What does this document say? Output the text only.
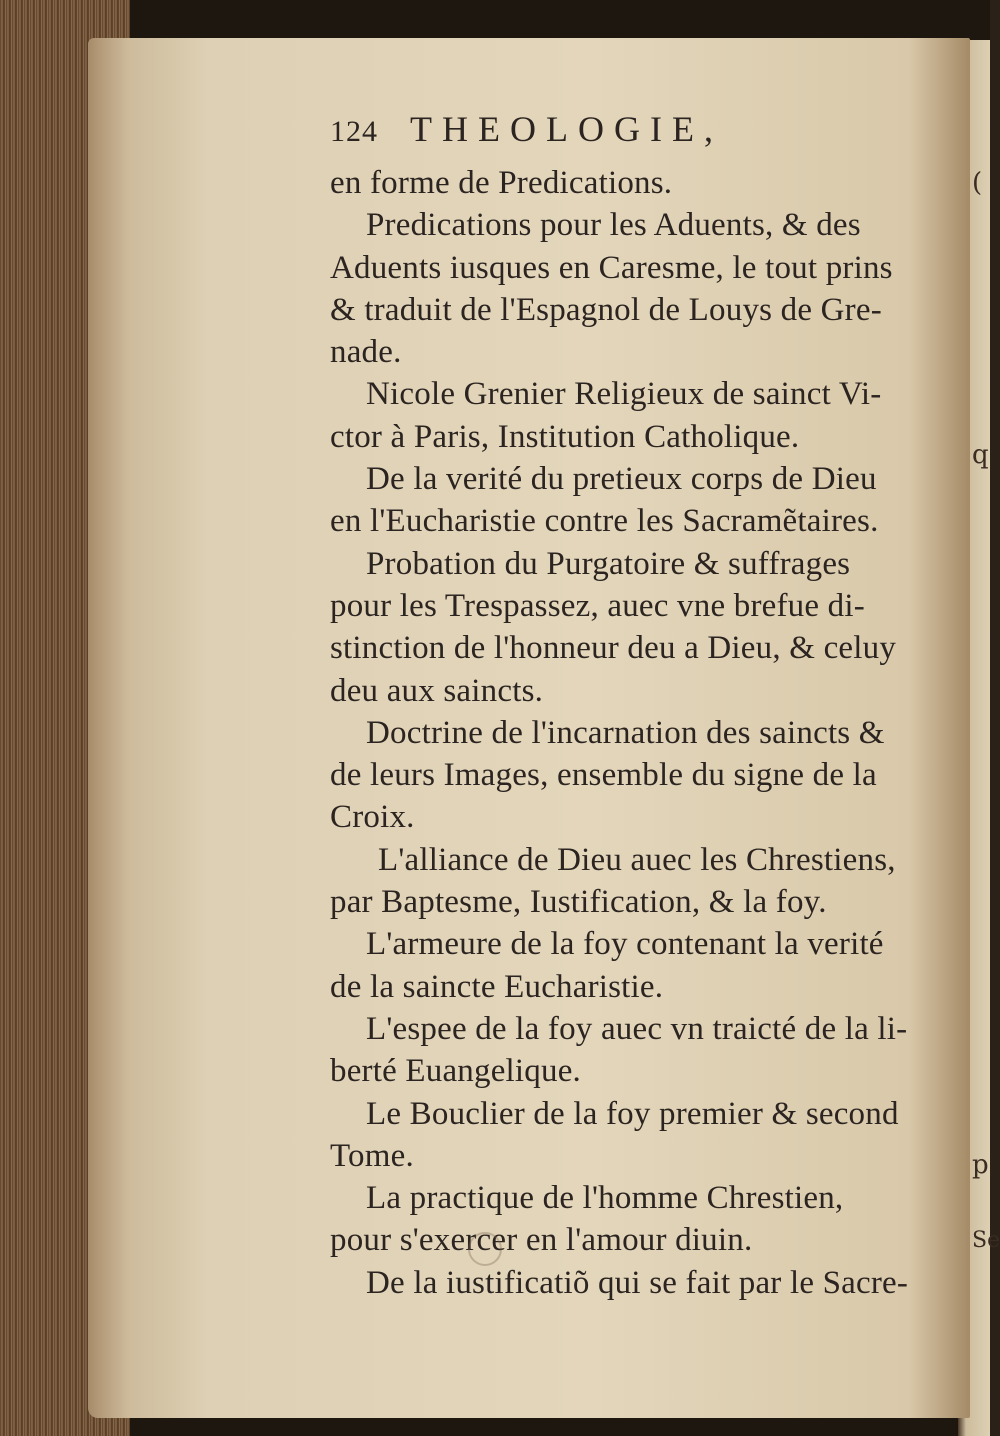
(
q
p
Se
124 THEOLOGIE,
en forme de Predications.
Predications pour les Aduents, & des
Aduents iusques en Caresme, le tout prins
& traduit de l'Espagnol de Louys de Gre-
nade.
Nicole Grenier Religieux de sainct Vi-
ctor à Paris, Institution Catholique.
De la verité du pretieux corps de Dieu
en l'Eucharistie contre les Sacramẽtaires.
Probation du Purgatoire & suffrages
pour les Trespassez, auec vne brefue di-
stinction de l'honneur deu a Dieu, & celuy
deu aux saincts.
Doctrine de l'incarnation des saincts &
de leurs Images, ensemble du signe de la
Croix.
L'alliance de Dieu auec les Chrestiens,
par Baptesme, Iustification, & la foy.
L'armeure de la foy contenant la verité
de la saincte Eucharistie.
L'espee de la foy auec vn traicté de la li-
berté Euangelique.
Le Bouclier de la foy premier & second
Tome.
La practique de l'homme Chrestien,
pour s'exercer en l'amour diuin.
De la iustificatiõ qui se fait par le Sacre-
